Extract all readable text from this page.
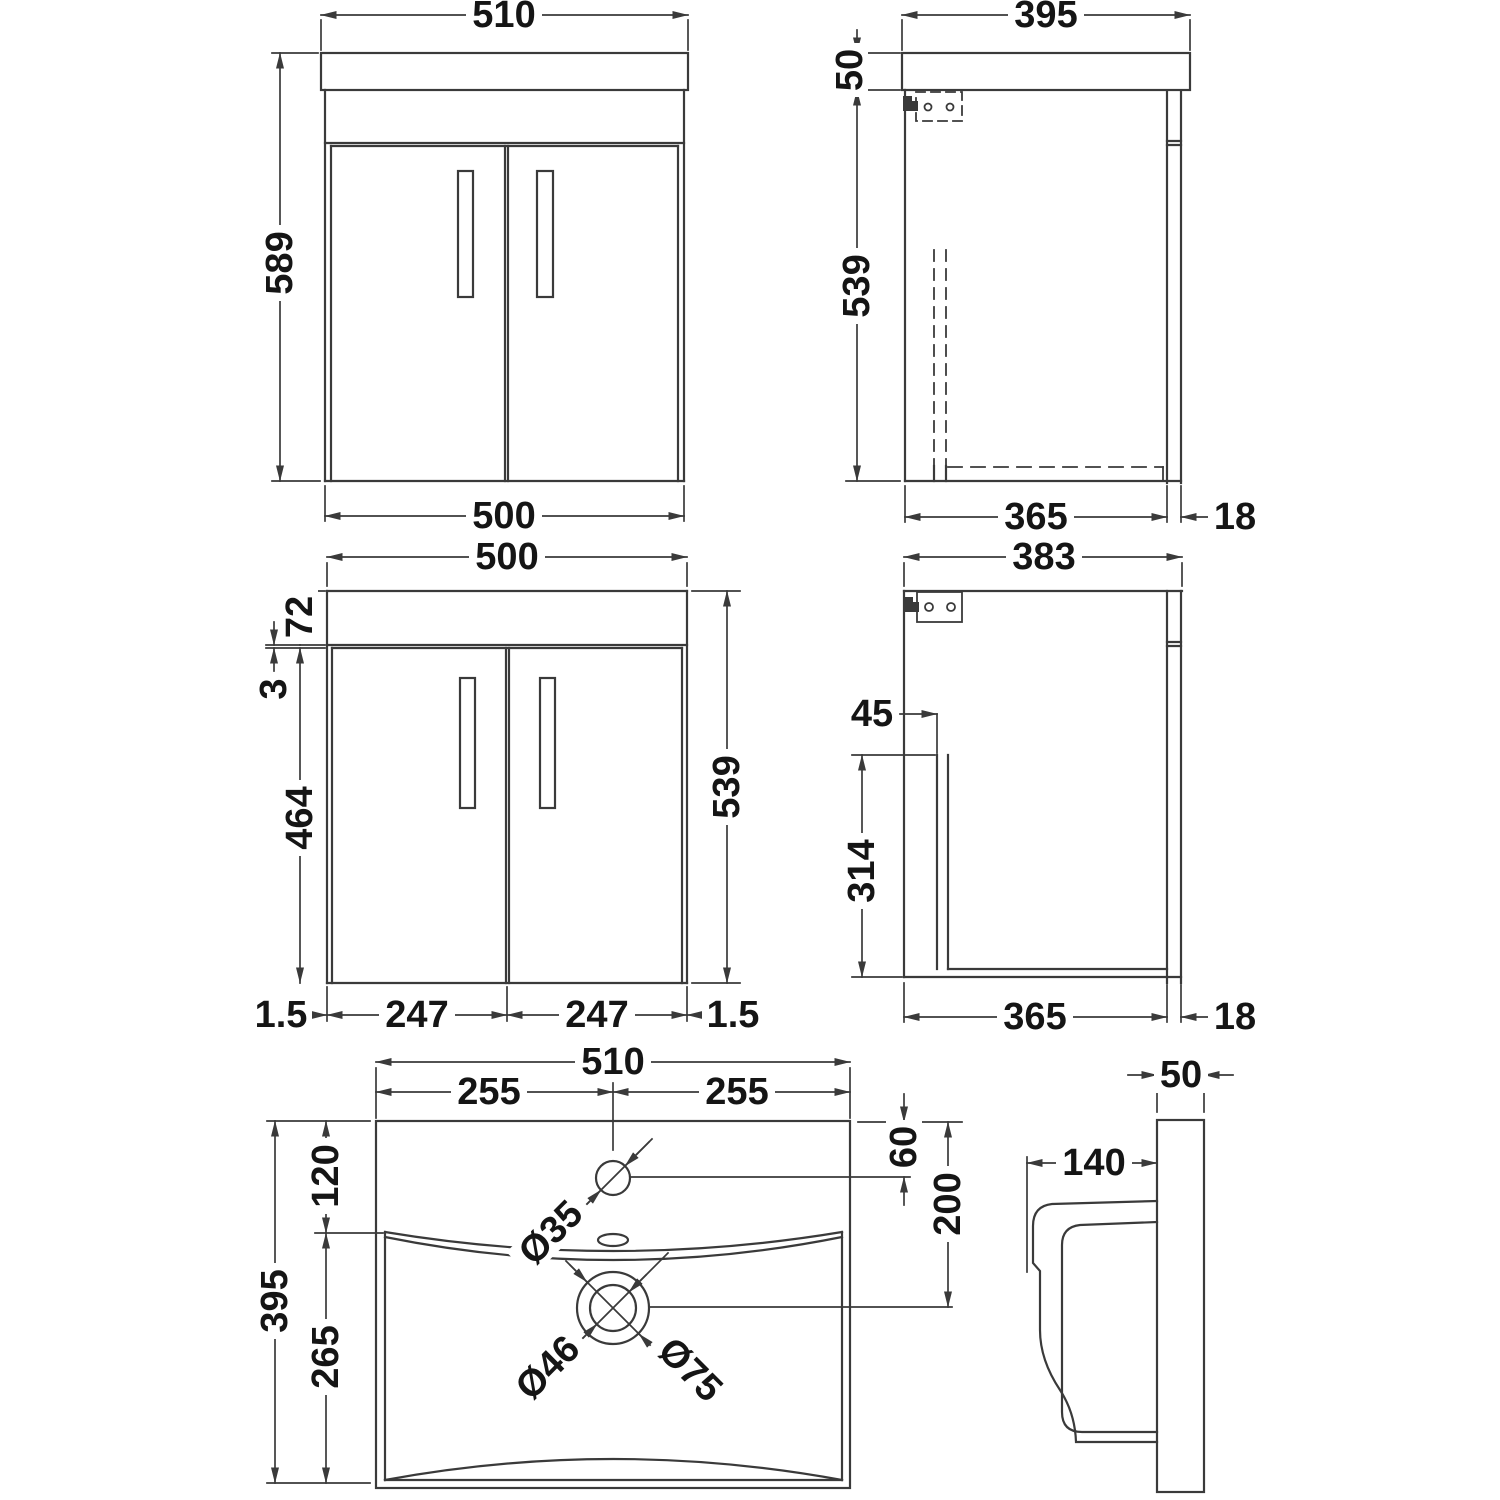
510
589
500
395
50
539
365	18
500
72
3
464	539
1.5 247	247 1.5
383
45
314
365	18
510
255	255
120
395
265
60
200
Ø35
Ø46 Ø75
50
140
